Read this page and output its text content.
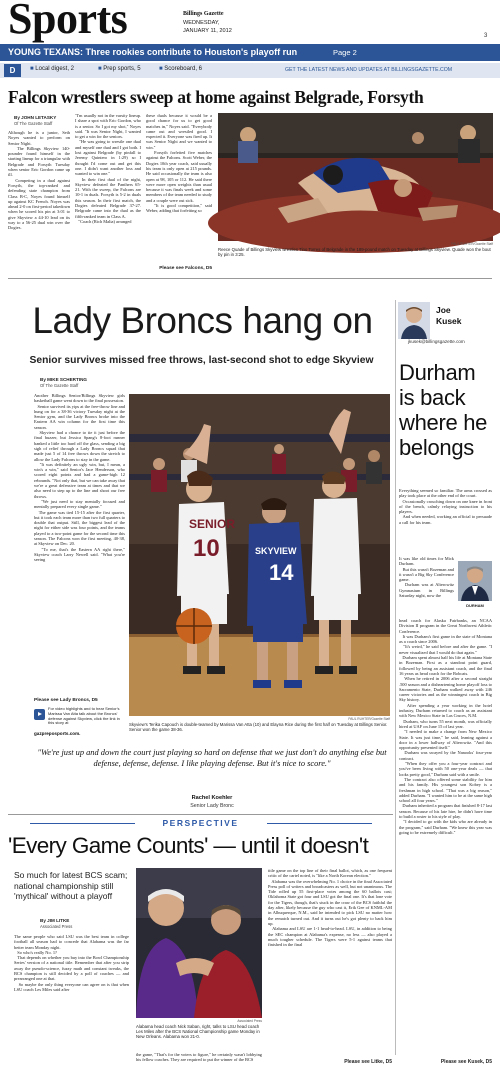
Sports	Billings Gazette
WEDNESDAY,
JANUARY 11, 2012
3
YOUNG TEXANS: Three rookies contribute to Houston's playoff run	Page 2
D	■ Local digest, 2	■ Prep sports, 5	■ Scoreboard, 6	GET THE LATEST NEWS AND UPDATES AT BILLINGSGAZETTE.COM
Falcon wrestlers sweep at home against Belgrade, Forsyth
By JOHN LETASKY
Of The Gazette Staff
Although he is a junior, Seth Noyes wanted to perform on Senior Night.
The Billings Skyview 140-pounder found himself in the starting lineup for a triangular with Belgrade and Forsyth Tuesday when senior Eric Gordon came up ill.
Competing in a dual against Forsyth, the top-ranked and defending state champion from Class B-C, Noyes found himself up against KC French. Noyes was ahead 2-0 on first-period takedown when he scored his pin at 3:01 to give Skyview a 44-10 lead on its way to a 56-25 dual win over the Dogies.
"I'm usually not in the varsity lineup. I share a spot with Eric Gordon, who is a senior. So I got my shot," Noyes said. "It was Senior Night, I wanted to get a win for the seniors.
"He was going to wrestle one dual and myself one dual and I got both. I lost against Belgrade (by pinfall to Jeremy Quintero in 1:29) so I thought I'd come out and get this one. I didn't want another loss and wanted to win one."
In their first dual of the night, Skyview defeated the Panthers 65-21. With the sweep, the Falcons are 10-1 in duals. Forsyth is 5-2 in duals this season. In their first match, the Dogies defeated Belgrade 37-27. Belgrade came into the dual as the fifth-ranked team in Class A.
"Coach (Rich Malia) arranged
these duals because it would be a good chance for us to get good matches in," Noyes said. "Everybody came out and wrestled good. I expected it. Everyone was fired up. It was Senior Night and we wanted to win."
Forsyth forfeited five matches against the Falcons. Scott Weber, the Dogies 10th year coach, said usually his team is only open at 215 pounds. He said occasionally the team is also open at 98, 105 or 112. He said there were more open weights than usual because it was finals week and some members of the team needed to study and a couple were out sick.
"It is good competition," said Weber, adding that forfeiting so
Please see Falcons, D5
PAUL RUHTER/Gazette Staff
Reece Quade of Billings Skyview wrestles Tino Torres of Belgrade in the 189-pound match on Tuesday at Billings Skyview. Quade won the bout by pin in 3:25.
Lady Broncs hang on
Senior survives missed free throws, last-second shot to edge Skyview
By MIKE SCHERTING
Of The Gazette Staff
Another Billings Senior/Billings Skyview girls basketball game went down to the final possession.
Senior survived its yips at the free-throw line and hung on for a 38-36 victory Tuesday night at the Senior gym, and the Lady Broncs broke into the Eastern AA win column for the first time this season.
Skyview had a chance to tie it just before the final buzzer, but Jessica Spang's 8-foot runner banked a little too hard off the glass, sending a big sigh of relief through a Lady Broncs squad that made just 5 of 14 free throws down the stretch to allow the Lady Falcons to stay in the game.
"It was definitely an ugly win, but, I mean, a win's a win," said Senior's Jace Henderson, who scored eight points and had a game-high 12 rebounds. "Not only that, but we can take away that we're a great defensive team at times and that we also need to step up to the line and shoot our free throws.
"We just need to stay mentally focused and mentally prepared every single game."
The game was tied 15-15 after the first quarter, but it took each team more than two full quarters to double that output. Still, the biggest lead of the night for either side was four points, and the teams played to a two-point game for the second time this season. The Falcons won the first meeting, 40-38, at Skyview on Dec. 20.
"To me, that's the Eastern AA right there," Skyview coach Larry Newell said. "What you're seeing
Please see Lady Broncs, D5
For video highlights and to hear Senior's Marissa Van Atta talk about the Broncs' defense against Skyview, click the link in this story at
gazpreposports.com.
SENIOR
10	SKYVIEW
14
PAUL RUHTER/Gazette Staff
Skyview's Terika Capouch is double-teamed by Marissa Van Atta (10) and Elayna Rice during the first half on Tuesday at Billings Senior. Senior won the game 38-36.
"We're just up and down the court just playing so hard on defense that we just don't do anything else but defense, defense, defense. I like playing defense. But it's nice to score."
Rachel Koehler
Senior Lady Bronc
Joe
Kusek
jkusek@billingsgazette.com
Durham is back where he belongs
Everything seemed so familiar. The arms crossed as play took place at the other end of the court.
Occasionally crouching down on one knee in front of the bench, calmly relaying instruction to his players.
And when needed, working an official to persuade a call for his team.
It was like old times for Mick Durham.
But this wasn't Bozeman and it wasn't a Big Sky Conference game.
Durham was at Alterowitz Gymnasium in Billings Saturday night, now the
DURHAM
head coach for Alaska Fairbanks, an NCAA Division II program in the Great Northwest Athletic Conference.
It was Durham's first game in the state of Montana as a coach since 2006.
"It's weird," he said before and after the game. "I never visualized that I would do that again."
Durham spent almost half his life at Montana State in Bozeman. First as a standout point guard, followed by being an assistant coach, and the final 16 years as head coach for the Bobcats.
When he retired in 2006 after a second straight .500 season and a disheartening home playoff loss to Sacramento State, Durham walked away with 246 career victories and as the winningest coach in Big Sky history.
After spending a year working in the hotel industry, Durham returned to coach as an assistant with New Mexico State in Las Cruces, N.M.
Durham, who turns 55 next month, was officially hired at UAF on June 15 of last year.
"I needed to make a change from New Mexico State. It was just time," he said, leaning against a door in a lower hallway of Alterowitz. "And this opportunity presented itself."
Durham was swayed by the Nanooks' four-year contract.
"When they offer you a four-year contract and you've been living with 50 one-year deals — that looks pretty good," Durham said with a smile.
The contract also offered some stability for him and his family. His youngest son Kobey is a freshman in high school. "That was a big reason," added Durham. "I wanted him to be at the same high school all four years."
Durham inherited a program that finished 8-17 last season. Because of his late hire, he didn't have time to build a roster to his style of play.
"I decided to go with the kids who are already in the program," said Durham. "We knew this year was going to be extremely difficult."
Please see Kusek, D5
PERSPECTIVE
'Every Game Counts' — until it doesn't
So much for latest BCS scam; national championship still 'mythical' without a playoff
By JIM LITKE
Associated Press
The same people who said LSU was the best team in college football all season had to concede that Alabama was the far better team Monday night.
So who's really No. 1?
That depends on whether you buy into the Bowl Championship Series' version of a national title. Remember that after you strip away the pseudo-science, fuzzy math and constant tweaks, the BCS champion is still decided by a poll of coaches — and prearranged one at that.
So maybe the only thing everyone can agree on is that when LSU coach Les Miles said after
Associated Press
Alabama head coach Nick Saban, right, talks to LSU head coach Les Miles after the BCS National Championship game Monday in New Orleans. Alabama won 21-0.
the game, "That's for the voters to figure," he certainly wasn't lobbying his fellow coaches. They are required to put the winner of the BCS
title game on the top line of their final ballot, which, as one frequent critic of the cartel noted, is "like a North Korean election."
Alabama was the overwhelming No. 1 choice in the final Associated Press poll of writers and broadcasters as well, but not unanimous. The Tide rolled up 55 first-place votes among the 60 ballots cast; Oklahoma State got four and LSU got the final one. It's that lone vote for the Tigers, though, that's stuck in the craw of the BCS faithful the day after, likely because the guy who cast it, Erik Gee of KNML-AM in Albuquerque, N.M., said he intended to pick LSU no matter how the rematch turned out. And it turns out he's got plenty to back him up.
Alabama and LSU are 1-1 head-to-head. LSU, in addition to being the SEC champion at Alabama's expense, no less — also played a much tougher schedule. The Tigers were 5-1 against teams that finished in the final
Please see Litke, D5
